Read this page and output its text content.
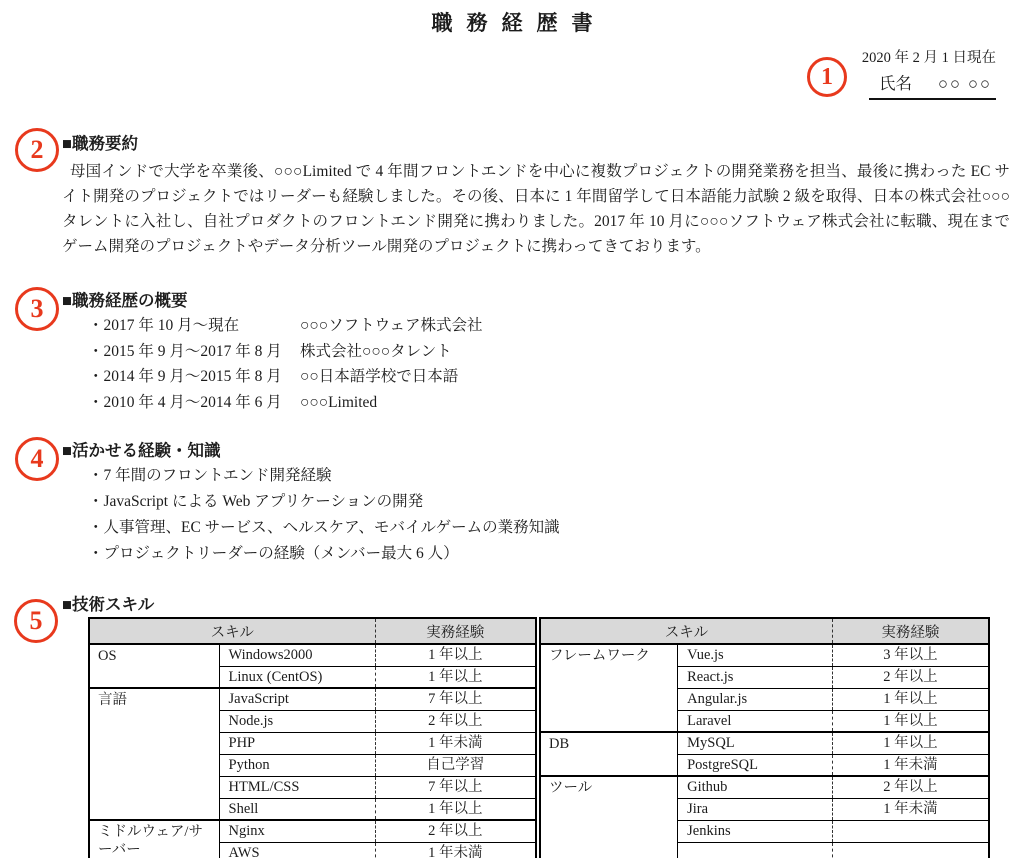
職務経歴書
2020 年 2 月 1 日現在
氏名 ○○ ○○
1
2
3
4
5
■職務要約

母国インドで大学を卒業後、○○○Limited で 4 年間フロントエンドを中心に複数プロジェクトの開発業務を担当、最後に携わった EC サイト開発のプロジェクトではリーダーも経験しました。その後、日本に 1 年間留学して日本語能力試験 2 級を取得、日本の株式会社○○○タレントに入社し、自社プロダクトのフロントエンド開発に携わりました。2017 年 10 月に○○○ソフトウェア株式会社に転職、現在までゲーム開発のプロジェクトやデータ分析ツール開発のプロジェクトに携わってきております。

■職務経歴の概要
・2017 年 10 月～現在	○○○ソフトウェア株式会社
・2015 年 9 月～2017 年 8 月 株式会社○○○タレント
・2014 年 9 月～2015 年 8 月 ○○日本語学校で日本語
・2010 年 4 月～2014 年 6 月 ○○○Limited
■活かせる経験・知識
・7 年間のフロントエンド開発経験
・JavaScript による Web アプリケーションの開発
・人事管理、EC サービス、ヘルスケア、モバイルゲームの業務知識
・プロジェクトリーダーの経験（メンバー最大 6 人）
■技術スキル
スキル		実務経験
OS	Windows2000	1 年以上
	Linux (CentOS)	1 年以上
言語	JavaScript	7 年以上
	Node.js	2 年以上
	PHP	1 年未満
	Python	自己学習
	HTML/CSS	7 年以上
	Shell	1 年以上
ミドルウェア/サーバー	Nginx	2 年以上
	AWS	1 年未満
スキル		実務経験
フレームワーク	Vue.js	3 年以上
	React.js	2 年以上
	Angular.js	1 年以上
	Laravel	1 年以上
DB	MySQL	1 年以上
	PostgreSQL	1 年未満
ツール	Github	2 年以上
	Jira	1 年未満
	Jenkins	
